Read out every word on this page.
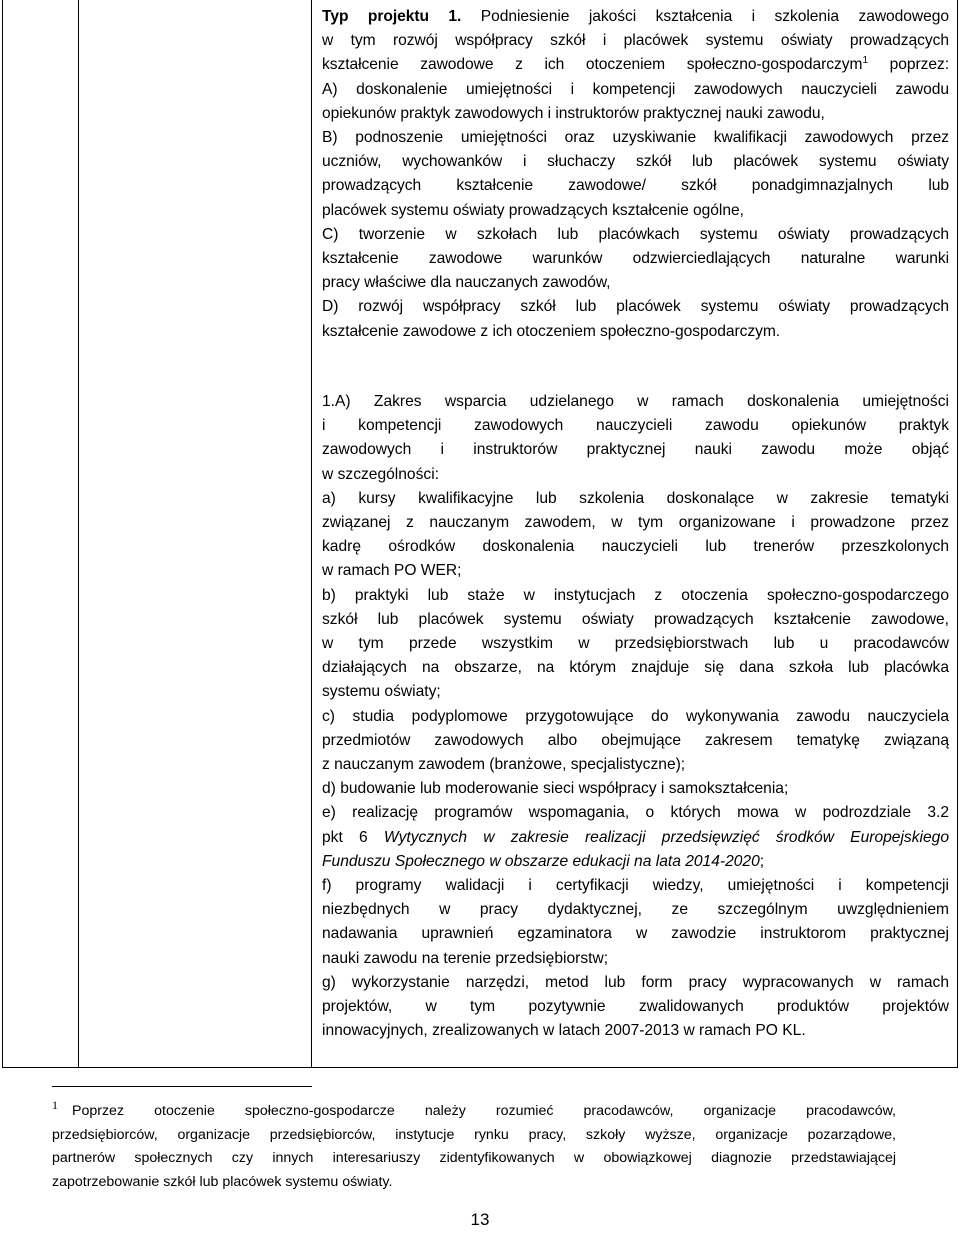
Typ projektu 1. Podniesienie jakości kształcenia i szkolenia zawodowego
w tym rozwój współpracy szkół i placówek systemu oświaty prowadzących
kształcenie zawodowe z ich otoczeniem społeczno-gospodarczym$^1$ poprzez:
A) doskonalenie umiejętności i kompetencji zawodowych nauczycieli zawodu
opiekunów praktyk zawodowych i instruktorów praktycznej nauki zawodu,
B) podnoszenie umiejętności oraz uzyskiwanie kwalifikacji zawodowych przez
uczniów, wychowanków i słuchaczy szkół lub placówek systemu oświaty
prowadzących kształcenie zawodowe/ szkół ponadgimnazjalnych lub
placówek systemu oświaty prowadzących kształcenie ogólne,
C) tworzenie w szkołach lub placówkach systemu oświaty prowadzących
kształcenie zawodowe warunków odzwierciedlających naturalne warunki
pracy właściwe dla nauczanych zawodów,
D) rozwój współpracy szkół lub placówek systemu oświaty prowadzących
kształcenie zawodowe z ich otoczeniem społeczno-gospodarczym.
1.A) Zakres wsparcia udzielanego w ramach doskonalenia umiejętności
i kompetencji zawodowych nauczycieli zawodu opiekunów praktyk
zawodowych i instruktorów praktycznej nauki zawodu może objąć
w szczególności:
a) kursy kwalifikacyjne lub szkolenia doskonalące w zakresie tematyki
związanej z nauczanym zawodem, w tym organizowane i prowadzone przez
kadrę ośrodków doskonalenia nauczycieli lub trenerów przeszkolonych
w ramach PO WER;
b) praktyki lub staże w instytucjach z otoczenia społeczno-gospodarczego
szkół lub placówek systemu oświaty prowadzących kształcenie zawodowe,
w tym przede wszystkim w przedsiębiorstwach lub u pracodawców
działających na obszarze, na którym znajduje się dana szkoła lub placówka
systemu oświaty;
c) studia podyplomowe przygotowujące do wykonywania zawodu nauczyciela
przedmiotów zawodowych albo obejmujące zakresem tematykę związaną
z nauczanym zawodem (branżowe, specjalistyczne);
d) budowanie lub moderowanie sieci współpracy i samokształcenia;
e) realizację programów wspomagania, o których mowa w podrozdziale 3.2
pkt 6 Wytycznych w zakresie realizacji przedsięwzięć środków Europejskiego
Funduszu Społecznego w obszarze edukacji na lata 2014-2020;
f) programy walidacji i certyfikacji wiedzy, umiejętności i kompetencji
niezbędnych w pracy dydaktycznej, ze szczególnym uwzględnieniem
nadawania uprawnień egzaminatora w zawodzie instruktorom praktycznej
nauki zawodu na terenie przedsiębiorstw;
g) wykorzystanie narzędzi, metod lub form pracy wypracowanych w ramach
projektów, w tym pozytywnie zwalidowanych produktów projektów
innowacyjnych, zrealizowanych w latach 2007-2013 w ramach PO KL.
$^1$ Poprzez otoczenie społeczno-gospodarcze należy rozumieć pracodawców, organizacje pracodawców,
przedsiębiorców, organizacje przedsiębiorców, instytucje rynku pracy, szkoły wyższe, organizacje pozarządowe,
partnerów społecznych czy innych interesariuszy zidentyfikowanych w obowiązkowej diagnozie przedstawiającej
zapotrzebowanie szkół lub placówek systemu oświaty.
13
